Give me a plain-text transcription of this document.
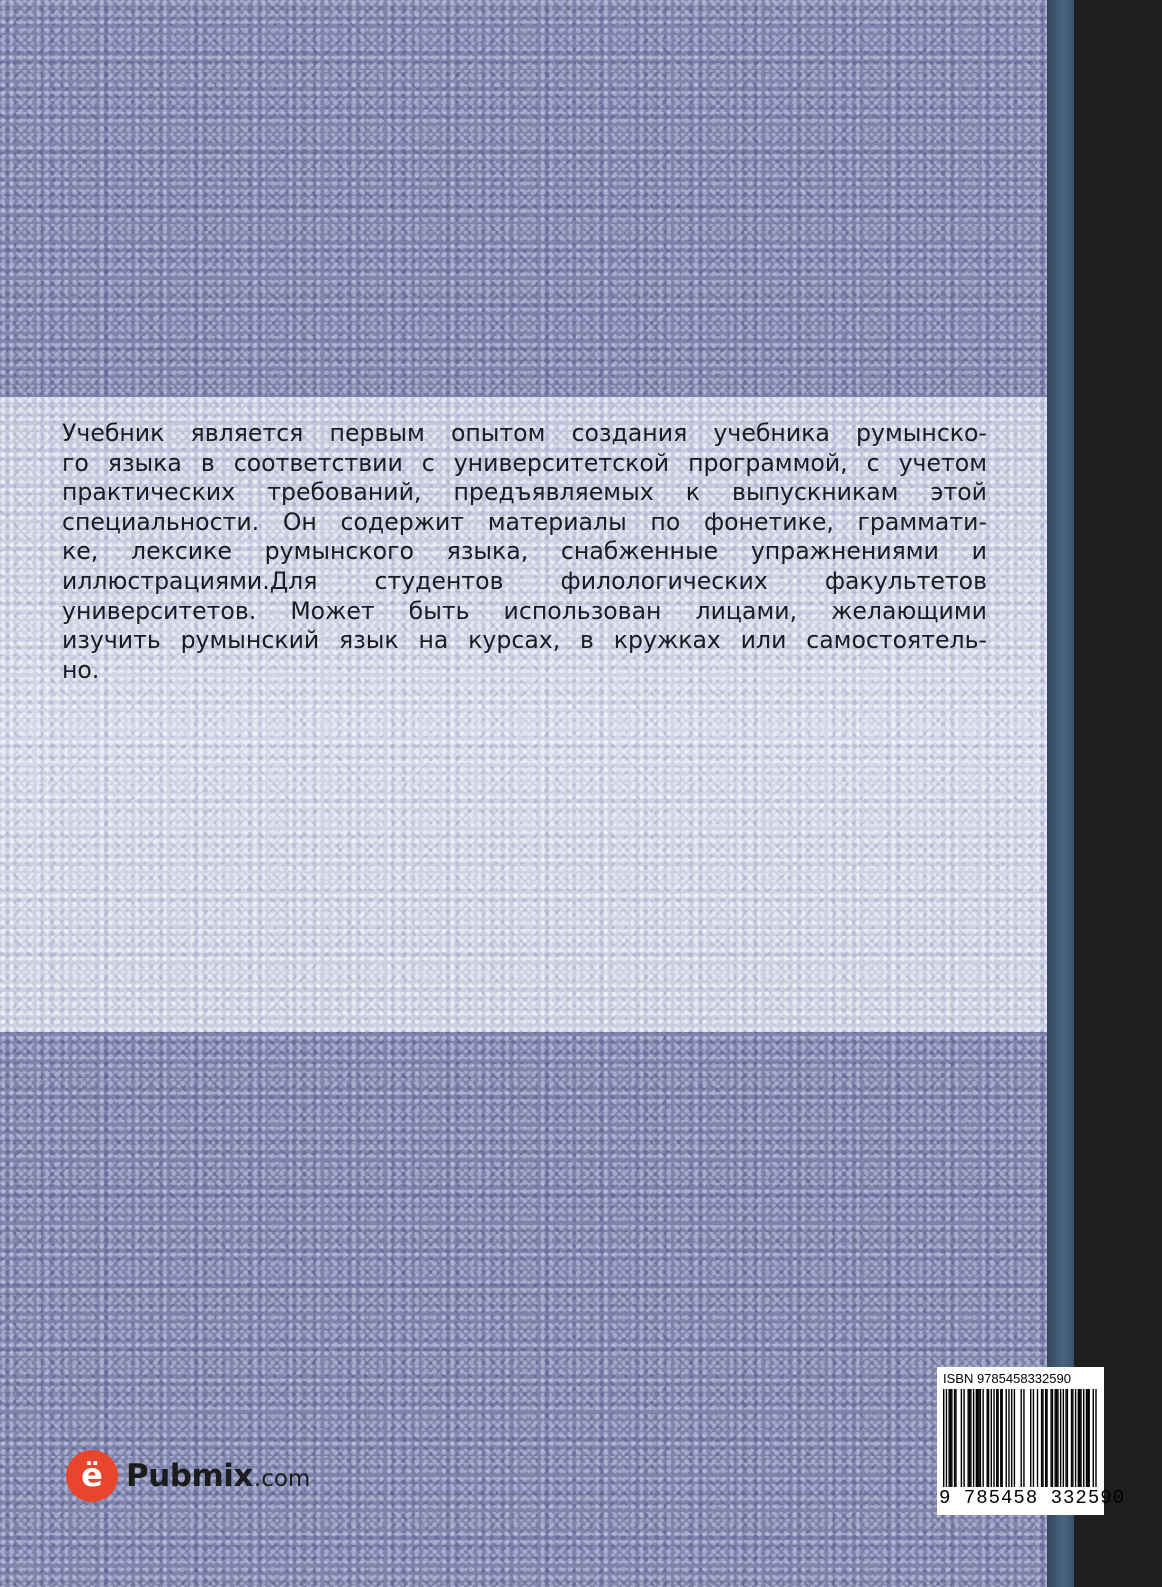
Учебник является первым опытом создания учебника румынско-
го языка в соответствии с университетской программой, с учетом
практических требований, предъявляемых к выпускникам этой
специальности. Он содержит материалы по фонетике, граммати-
ке, лексике румынского языка, снабженные упражнениями и
иллюстрациями.Для студентов филологических факультетов
университетов. Может быть использован лицами, желающими
изучить румынский язык на курсах, в кружках или самостоятель-
но.
ё Pubmix .com
ISBN 9785458332590
9 785458 332590
